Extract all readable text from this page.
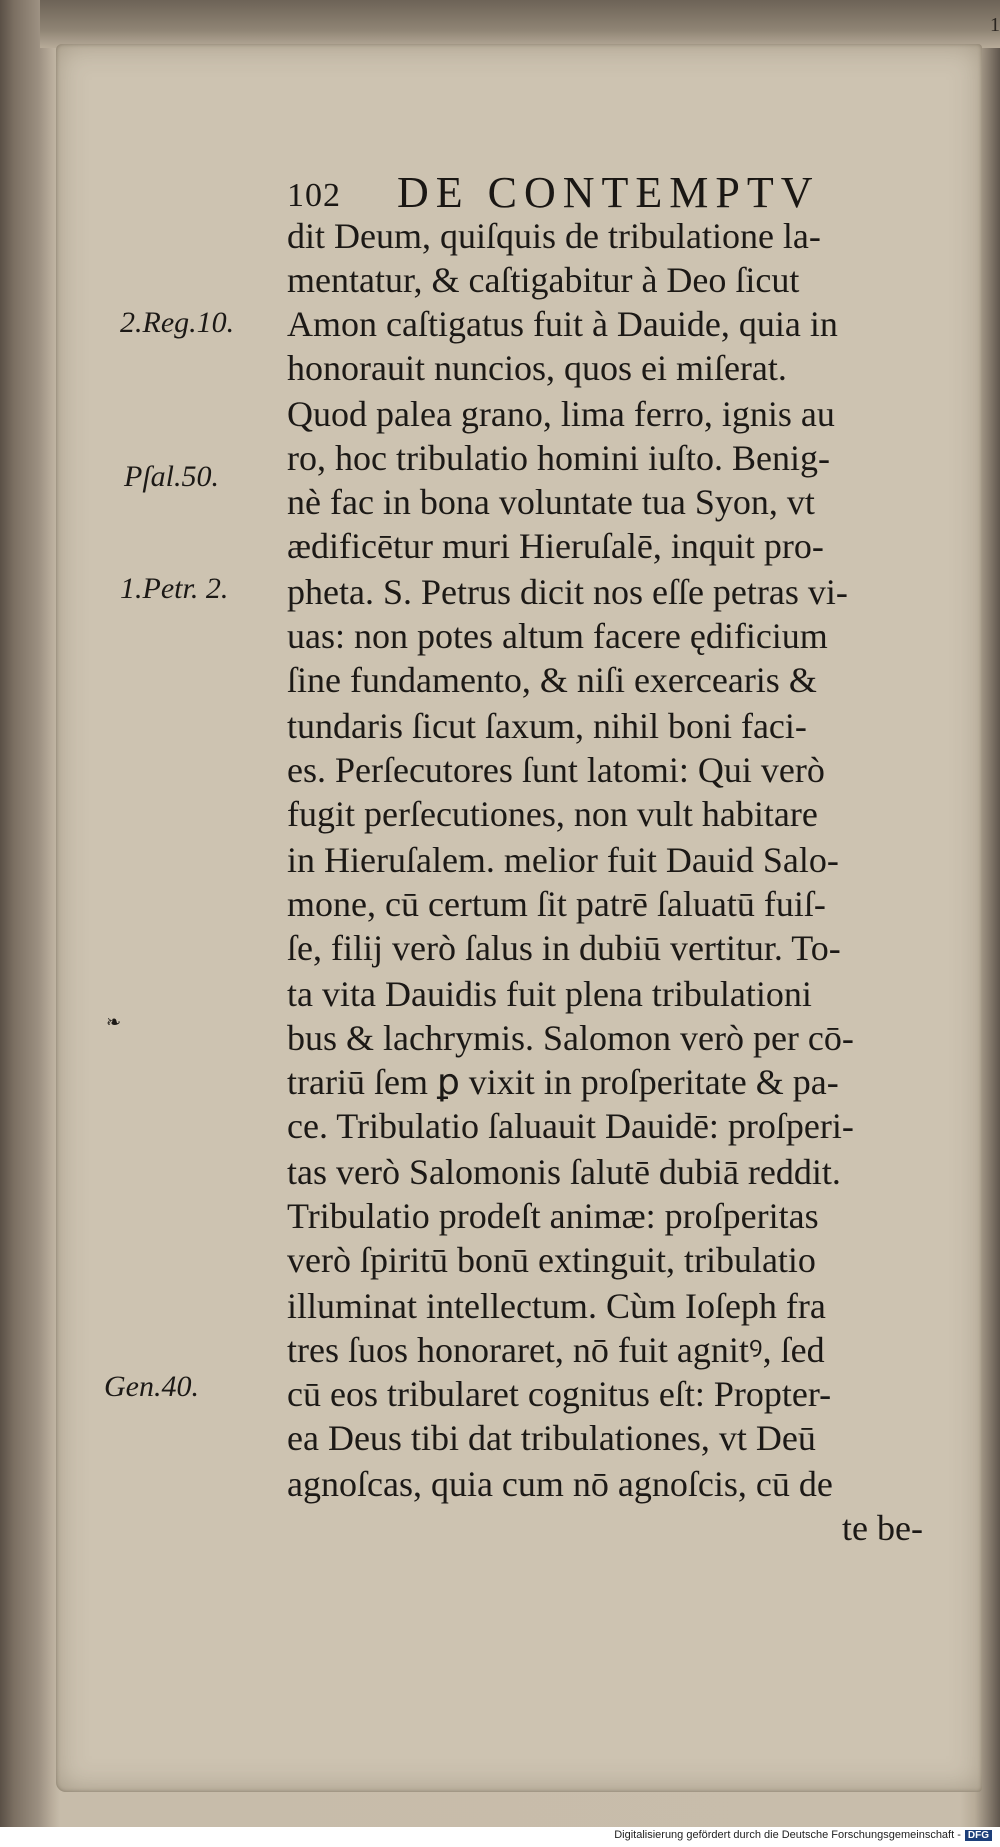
1
102 DE CONTEMPTV
dit Deum, quiſquis de tribulatione la-
mentatur, & caſtigabitur à Deo ſicut
Amon caſtigatus fuit à Dauide, quia in
honorauit nuncios, quos ei miſerat.
Quod palea grano, lima ferro, ignis au
ro, hoc tribulatio homini iuſto. Benig-
nè fac in bona voluntate tua Syon, vt
ædificētur muri Hieruſalē, inquit pro-
pheta. S. Petrus dicit nos eſſe petras vi-
uas: non potes altum facere ędificium
ſine fundamento, & niſi exercearis &
tundaris ſicut ſaxum, nihil boni faci-
es. Perſecutores ſunt latomi: Qui verò
fugit perſecutiones, non vult habitare
in Hieruſalem. melior fuit Dauid Salo-
mone, cū certum ſit patrē ſaluatū fuiſ-
ſe, filij verò ſalus in dubiū vertitur. To-
ta vita Dauidis fuit plena tribulationi
bus & lachrymis. Salomon verò per cō-
trariū ſem ꝑ vixit in proſperitate & pa-
ce. Tribulatio ſaluauit Dauidē: proſperi-
tas verò Salomonis ſalutē dubiā reddit.
Tribulatio prodeſt animæ: proſperitas
verò ſpiritū bonū extinguit, tribulatio
illuminat intellectum. Cùm Ioſeph fra
tres ſuos honoraret, nō fuit agnitꝰ, ſed
cū eos tribularet cognitus eſt: Propter-
ea Deus tibi dat tribulationes, vt Deū
agnoſcas, quia cum nō agnoſcis, cū de
te be-
2.Reg.10.
Pſal.50.
1.Petr. 2.
❧
Gen.40.
Digitalisierung gefördert durch die Deutsche Forschungsgemeinschaft - DFG
